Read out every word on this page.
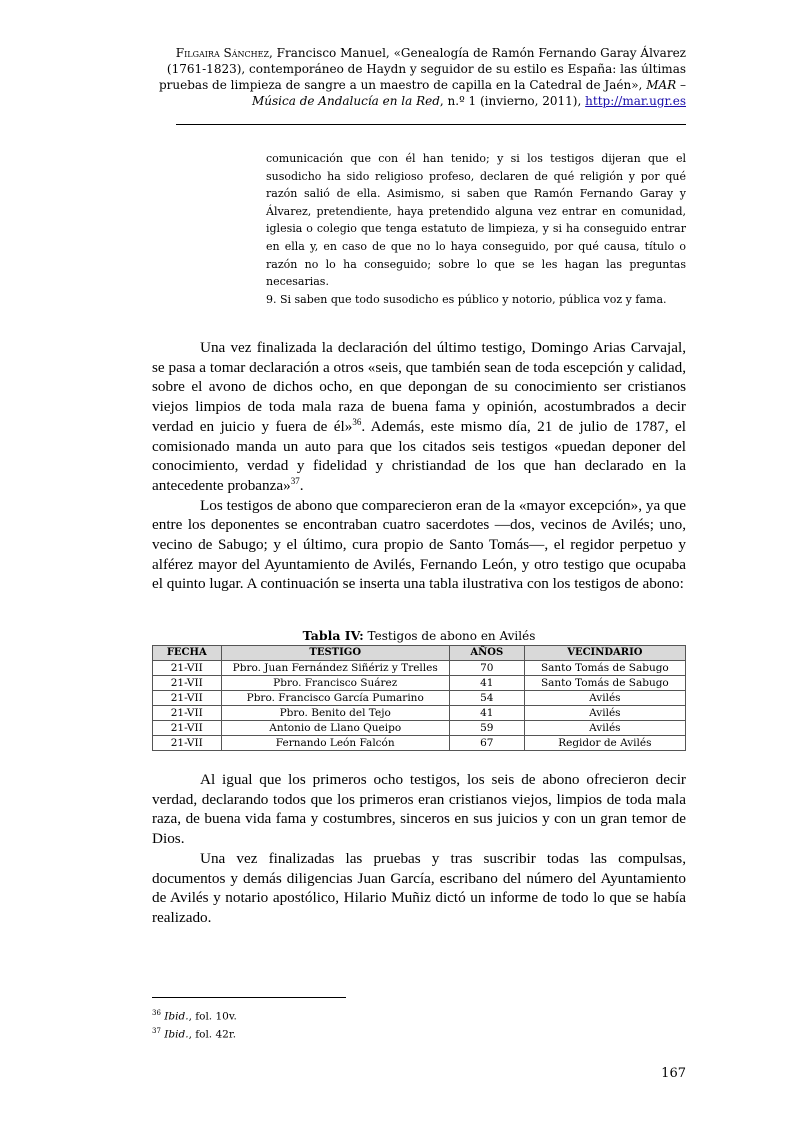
Filgaira Sánchez, Francisco Manuel, «Genealogía de Ramón Fernando Garay Álvarez (1761-1823), contemporáneo de Haydn y seguidor de su estilo es España: las últimas pruebas de limpieza de sangre a un maestro de capilla en la Catedral de Jaén», MAR – Música de Andalucía en la Red, n.º 1 (invierno, 2011), http://mar.ugr.es

comunicación que con él han tenido; y si los testigos dijeran que el susodicho ha sido religioso profeso, declaren de qué religión y por qué razón salió de ella. Asimismo, si saben que Ramón Fernando Garay y Álvarez, pretendiente, haya pretendido alguna vez entrar en comunidad, iglesia o colegio que tenga estatuto de limpieza, y si ha conseguido entrar en ella y, en caso de que no lo haya conseguido, por qué causa, título o razón no lo ha conseguido; sobre lo que se les hagan las preguntas necesarias.

9. Si saben que todo susodicho es público y notorio, pública voz y fama.

Una vez finalizada la declaración del último testigo, Domingo Arias Carvajal, se pasa a tomar declaración a otros «seis, que también sean de toda escepción y calidad, sobre el avono de dichos ocho, en que depongan de su conocimiento ser cristianos viejos limpios de toda mala raza de buena fama y opinión, acostumbrados a decir verdad en juicio y fuera de él»$^{36}$. Además, este mismo día, 21 de julio de 1787, el comisionado manda un auto para que los citados seis testigos «puedan deponer del conocimiento, verdad y fidelidad y christiandad de los que han declarado en la antecedente probanza»$^{37}$.

Los testigos de abono que comparecieron eran de la «mayor excepción», ya que entre los deponentes se encontraban cuatro sacerdotes —dos, vecinos de Avilés; uno, vecino de Sabugo; y el último, cura propio de Santo Tomás—, el regidor perpetuo y alférez mayor del Ayuntamiento de Avilés, Fernando León, y otro testigo que ocupaba el quinto lugar. A continuación se inserta una tabla ilustrativa con los testigos de abono:

Tabla IV: Testigos de abono en Avilés
FECHA	TESTIGO	AÑOS	VECINDARIO
21-VII	Pbro. Juan Fernández Siñériz y Trelles	70	Santo Tomás de Sabugo
21-VII	Pbro. Francisco Suárez	41	Santo Tomás de Sabugo
21-VII	Pbro. Francisco García Pumarino	54	Avilés
21-VII	Pbro. Benito del Tejo	41	Avilés
21-VII	Antonio de Llano Queipo	59	Avilés
21-VII	Fernando León Falcón	67	Regidor de Avilés

Al igual que los primeros ocho testigos, los seis de abono ofrecieron decir verdad, declarando todos que los primeros eran cristianos viejos, limpios de toda mala raza, de buena vida fama y costumbres, sinceros en sus juicios y con un gran temor de Dios.

Una vez finalizadas las pruebas y tras suscribir todas las compulsas, documentos y demás diligencias Juan García, escribano del número del Ayuntamiento de Avilés y notario apostólico, Hilario Muñiz dictó un informe de todo lo que se había realizado.

$^{36}$ Ibid., fol. 10v.
$^{37}$ Ibid., fol. 42r.
167
